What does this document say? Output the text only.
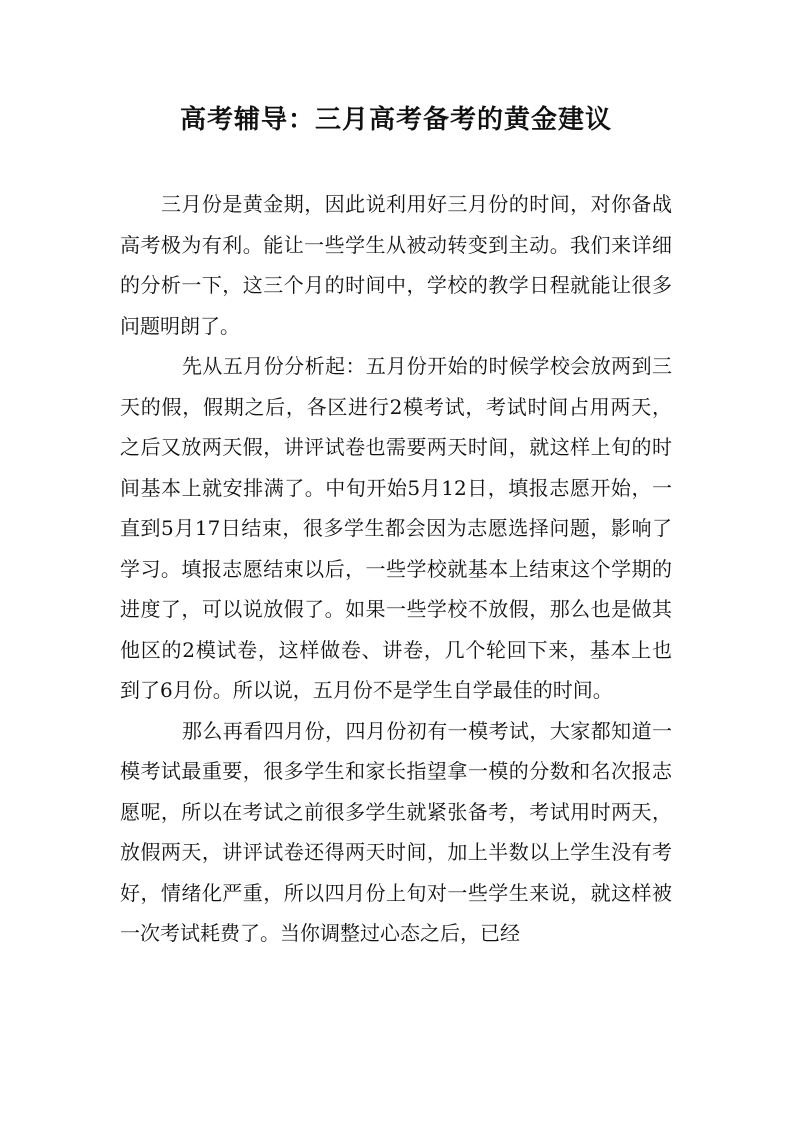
高考辅导：三月高考备考的黄金建议

三月份是黄金期，因此说利用好三月份的时间，对你备战高考极为有利。能让一些学生从被动转变到主动。我们来详细的分析一下，这三个月的时间中，学校的教学日程就能让很多问题明朗了。

先从五月份分析起：五月份开始的时候学校会放两到三天的假，假期之后，各区进行2模考试，考试时间占用两天，之后又放两天假，讲评试卷也需要两天时间，就这样上旬的时间基本上就安排满了。中旬开始5月12日，填报志愿开始，一直到5月17日结束，很多学生都会因为志愿选择问题，影响了学习。填报志愿结束以后，一些学校就基本上结束这个学期的进度了，可以说放假了。如果一些学校不放假，那么也是做其他区的2模试卷，这样做卷、讲卷，几个轮回下来，基本上也到了6月份。所以说，五月份不是学生自学最佳的时间。

那么再看四月份，四月份初有一模考试，大家都知道一模考试最重要，很多学生和家长指望拿一模的分数和名次报志愿呢，所以在考试之前很多学生就紧张备考，考试用时两天，放假两天，讲评试卷还得两天时间，加上半数以上学生没有考好，情绪化严重，所以四月份上旬对一些学生来说，就这样被一次考试耗费了。当你调整过心态之后，已经
